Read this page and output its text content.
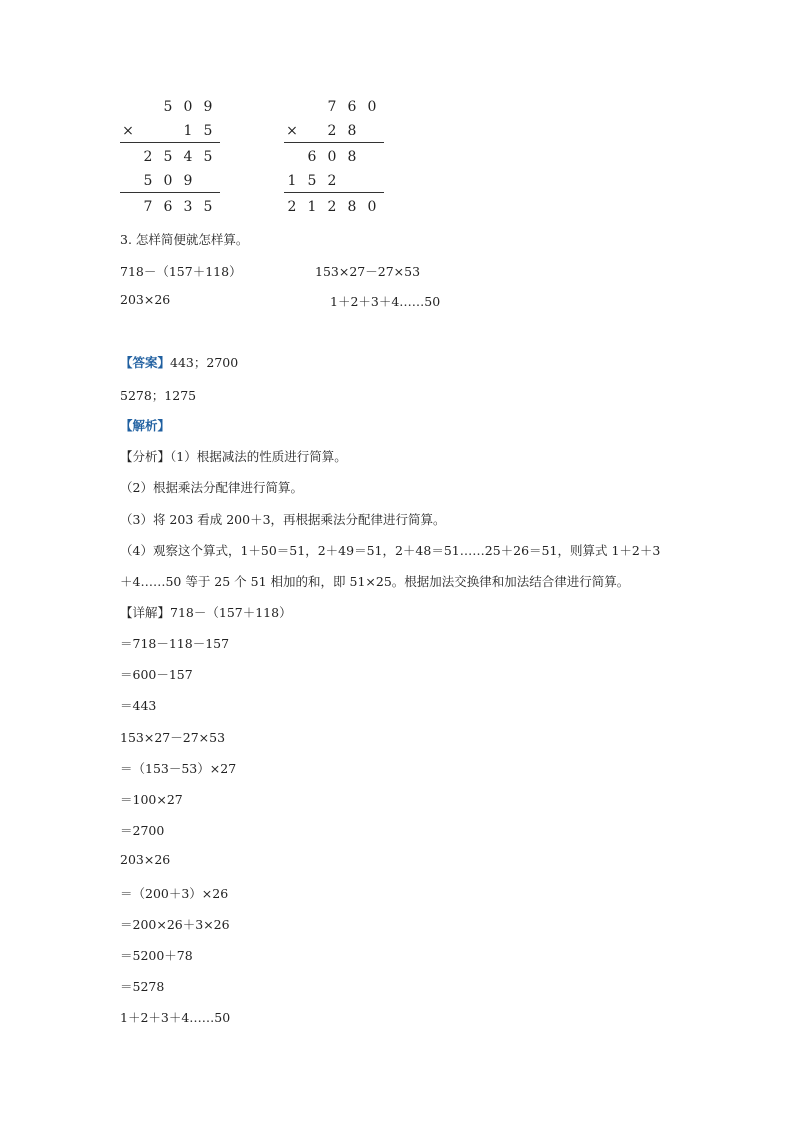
5 0 9
×	1 5
2 5 4 5
5 0 9
7 6 3 5
7 6 0
×	2 8
6 0 8
1 5 2
2 1 2 8 0
3. 怎样简便就怎样算。
718－（157＋118）	153×27－27×53
203×26	1＋2＋3＋4……50
【答案】443；2700
5278；1275
【解析】
【分析】（1）根据减法的性质进行简算。
（2）根据乘法分配律进行简算。
（3）将 203 看成 200＋3，再根据乘法分配律进行简算。
（4）观察这个算式，1＋50＝51，2＋49＝51，2＋48＝51……25＋26＝51，则算式 1＋2＋3
＋4……50 等于 25 个 51 相加的和，即 51×25。根据加法交换律和加法结合律进行简算。
【详解】718－（157＋118）
＝718－118－157
＝600－157
＝443
153×27－27×53
＝（153－53）×27
＝100×27
＝2700
203×26
＝（200＋3）×26
＝200×26＋3×26
＝5200＋78
＝5278
1＋2＋3＋4……50
